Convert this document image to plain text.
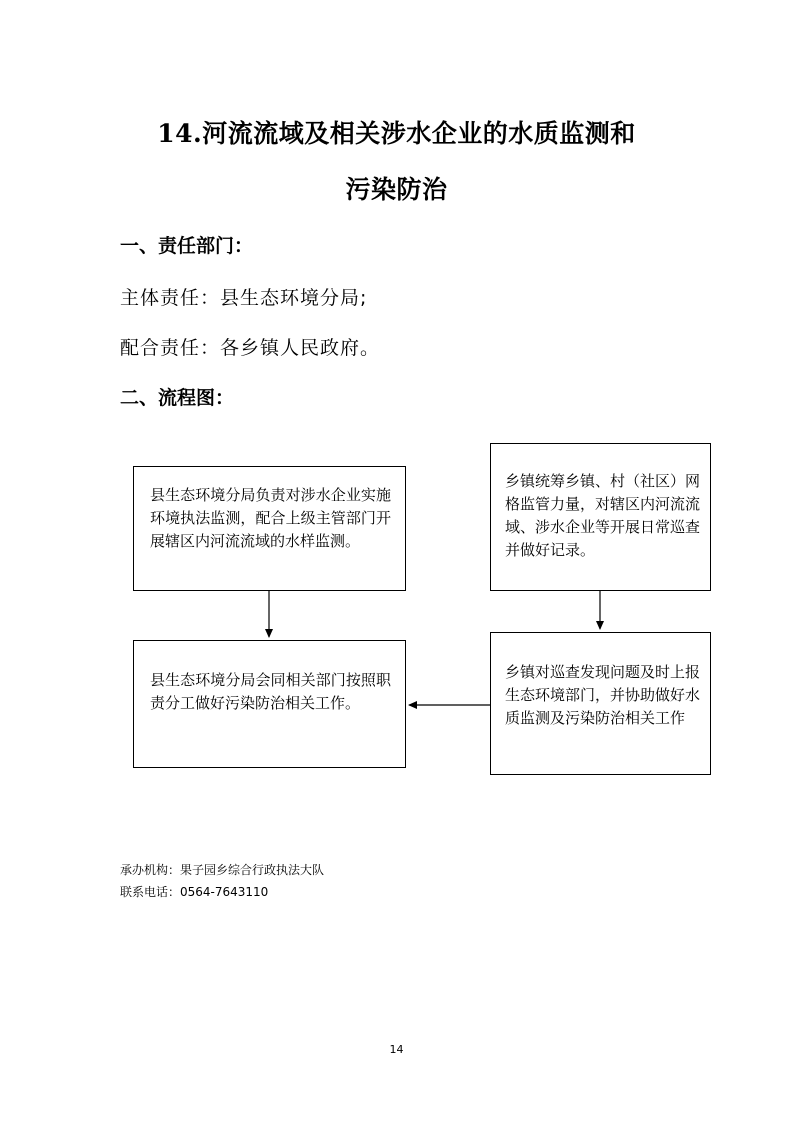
14.河流流域及相关涉水企业的水质监测和
污染防治
一、责任部门：
主体责任：县生态环境分局;
配合责任：各乡镇人民政府。
二、流程图：
县生态环境分局负责对涉水企业实施环境执法监测，配合上级主管部门开展辖区内河流流域的水样监测。
乡镇统筹乡镇、村（社区）网格监管力量，对辖区内河流流域、涉水企业等开展日常巡查并做好记录。
县生态环境分局会同相关部门按照职责分工做好污染防治相关工作。
乡镇对巡查发现问题及时上报生态环境部门，并协助做好水质监测及污染防治相关工作
承办机构：果子园乡综合行政执法大队
联系电话：0564-7643110
14
